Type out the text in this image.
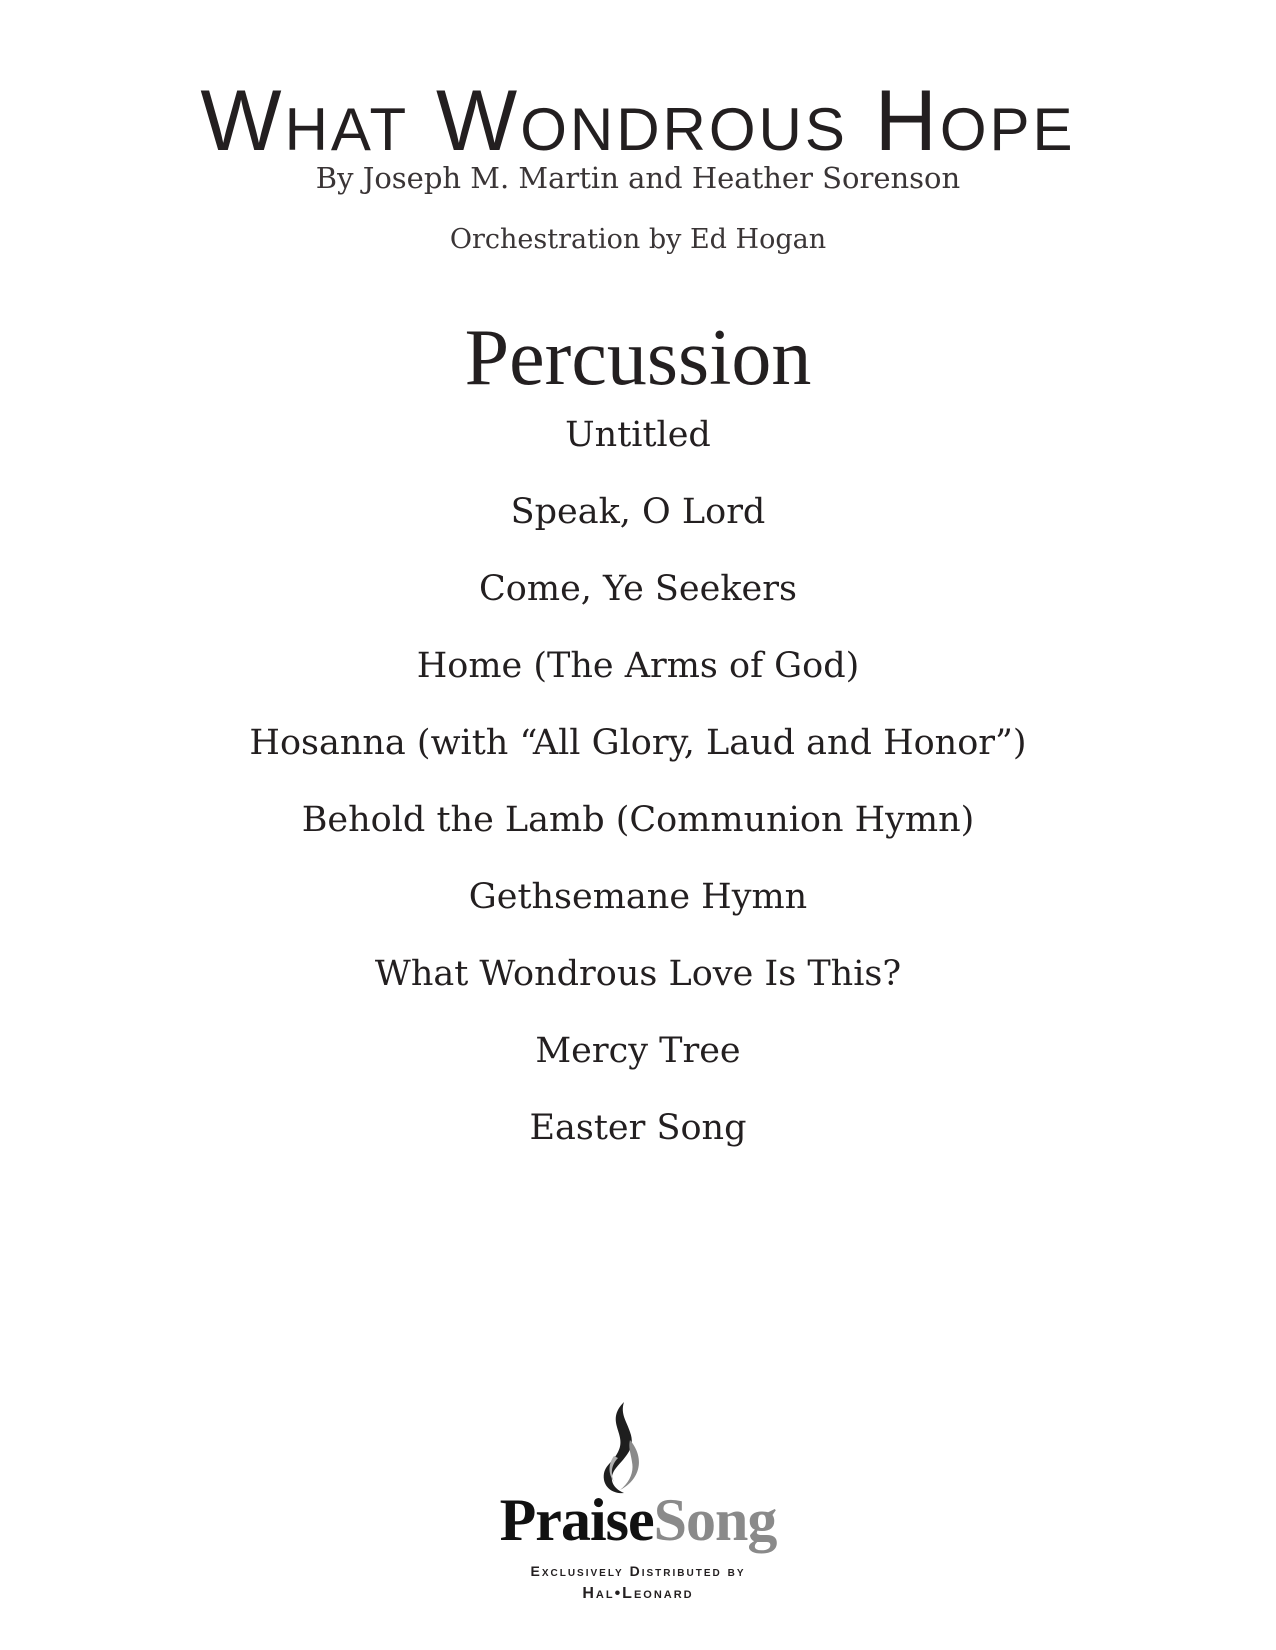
What Wondrous Hope
By Joseph M. Martin and Heather Sorenson
Orchestration by Ed Hogan
Percussion
Untitled
Speak, O Lord
Come, Ye Seekers
Home (The Arms of God)
Hosanna (with “All Glory, Laud and Honor”)
Behold the Lamb (Communion Hymn)
Gethsemane Hymn
What Wondrous Love Is This?
Mercy Tree
Easter Song
PraiseSong
Exclusively Distributed by
Hal•Leonard
